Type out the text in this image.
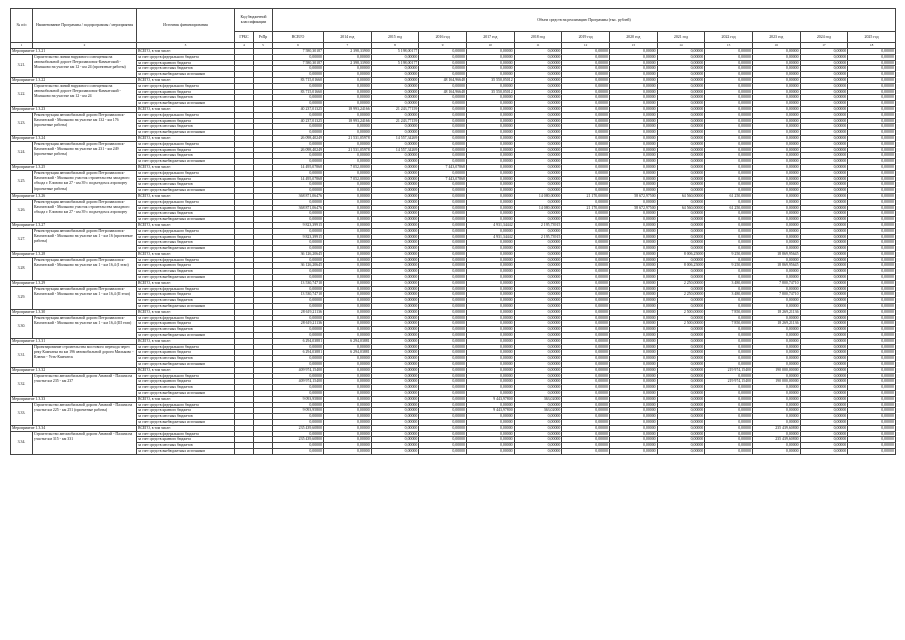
№ п/п	Наименование Программы / подпрограммы / мероприятия	Источник финансирования	Код бюджетной классификации		Объем средств на реализацию Программы (тыс. рублей)												
			ГРБС	РзПр	ВСЕГО	2014 год	2015 год	2016 год	2017 год	2018 год	2019 год	2020 год	2021 год	2022 год	2023 год	2024 год	2025 год
1	2	3	4	5	6	7	8	9	10	11	12	13	14	15	16	17	18
Мероприятие 1.3.21		ВСЕГО, в том числе:			7 580,30187	2 398,33900	5 198,00177	0,00000	0,00000	0,00000	0,00000	0,00000	0,00000	0,00000	0,00000	0,00000	0,00000
3.21.	Строительство линии наружного освещения на автомобильной дороге Петропавловск-Камчатский - Мильково на участке км 12 - км 24 (проектные работы)	за счет средств федерального бюджета			0,00000	0,00000	0,00000	0,00000	0,00000	0,00000	0,00000	0,00000	0,00000	0,00000	0,00000	0,00000	0,00000
		за счет средств краевого бюджета			7 580,30187	2 398,33900	5 198,00177	0,00000	0,00000	0,00000	0,00000	0,00000	0,00000	0,00000	0,00000	0,00000	0,00000
		за счет средств местных бюджетов			0,00000	0,00000	0,00000	0,00000	0,00000	0,00000	0,00000	0,00000	0,00000	0,00000	0,00000	0,00000	0,00000
		за счет средств внебюджетных источников			0,00000	0,00000	0,00000	0,00000	0,00000	0,00000	0,00000	0,00000	0,00000	0,00000	0,00000	0,00000	0,00000
Мероприятие 1.3.22		ВСЕГО, в том числе:			83 715,01660	0,00000	0,00000	48 164,96648	35 550,05012	0,00000	0,00000	0,00000	0,00000	0,00000	0,00000	0,00000	0,00000
3.22.	Строительство линий наружного освещения на автомобильной дороге Петропавловск-Камчатский - Мильково на участке км 12 - км 24	за счет средств федерального бюджета			0,00000	0,00000	0,00000	0,00000	0,00000	0,00000	0,00000	0,00000	0,00000	0,00000	0,00000	0,00000	0,00000
		за счет средств краевого бюджета			83 715,01660	0,00000	0,00000	48 164,96648	35 550,05012	0,00000	0,00000	0,00000	0,00000	0,00000	0,00000	0,00000	0,00000
		за счет средств местных бюджетов			0,00000	0,00000	0,00000	0,00000	0,00000	0,00000	0,00000	0,00000	0,00000	0,00000	0,00000	0,00000	0,00000
		за счет средств внебюджетных источников			0,00000	0,00000	0,00000	0,00000	0,00000	0,00000	0,00000	0,00000	0,00000	0,00000	0,00000	0,00000	0,00000
Мероприятие 1.3.23		ВСЕГО, в том числе:			40 237,01325	18 993,24166	21 243,77159	0,00000	0,00000	0,00000	0,00000	0,00000	0,00000	0,00000	0,00000	0,00000	0,00000
3.23.	Реконструкция автомобильной дороги Петропавловск-Камчатский - Мильково на участке км 132 - км 176 (проектные работы)	за счет средств федерального бюджета			0,00000	0,00000	0,00000	0,00000	0,00000	0,00000	0,00000	0,00000	0,00000	0,00000	0,00000	0,00000	0,00000
		за счет средств краевого бюджета			40 237,01325	18 993,24166	21 243,77159	0,00000	0,00000	0,00000	0,00000	0,00000	0,00000	0,00000	0,00000	0,00000	0,00000
		за счет средств местных бюджетов			0,00000	0,00000	0,00000	0,00000	0,00000	0,00000	0,00000	0,00000	0,00000	0,00000	0,00000	0,00000	0,00000
		за счет средств внебюджетных источников			0,00000	0,00000	0,00000	0,00000	0,00000	0,00000	0,00000	0,00000	0,00000	0,00000	0,00000	0,00000	0,00000
Мероприятие 1.3.24		ВСЕГО, в том числе:			26 098,40249	21 531,05978	14 557,34269	0,00000	0,00000	0,00000	0,00000	0,00000	0,00000	0,00000	0,00000	0,00000	0,00000
3.24.	Реконструкция автомобильной дороги Петропавловск-Камчатский - Мильково на участке км 231 - км 249 (проектные работы)	за счет средств федерального бюджета			0,00000	0,00000	0,00000	0,00000	0,00000	0,00000	0,00000	0,00000	0,00000	0,00000	0,00000	0,00000	0,00000
		за счет средств краевого бюджета			26 098,40249	21 531,05978	14 557,34269	0,00000	0,00000	0,00000	0,00000	0,00000	0,00000	0,00000	0,00000	0,00000	0,00000
		за счет средств местных бюджетов			0,00000	0,00000	0,00000	0,00000	0,00000	0,00000	0,00000	0,00000	0,00000	0,00000	0,00000	0,00000	0,00000
		за счет средств внебюджетных источников			0,00000	0,00000	0,00000	0,00000	0,00000	0,00000	0,00000	0,00000	0,00000	0,00000	0,00000	0,00000	0,00000
Мероприятие 1.3.25		ВСЕГО, в том числе:			14 495,07868	7 052,00000	0,00000	7 443,07868	0,00000	0,00000	0,00000	0,00000	0,00000	0,00000	0,00000	0,00000	0,00000
3.25.	Реконструкция автомобильной дороги Петропавловск-Камчатский - Мильково участок строительства западного обхода г. Елизово км 27 - км 39 с подъездом к аэропорту (проектные работы)	за счет средств федерального бюджета			0,00000	0,00000	0,00000	0,00000	0,00000	0,00000	0,00000	0,00000	0,00000	0,00000	0,00000	0,00000	0,00000
		за счет средств краевого бюджета			14 495,07868	7 052,00000	0,00000	7 443,07868	0,00000	0,00000	0,00000	0,00000	0,00000	0,00000	0,00000	0,00000	0,00000
		за счет средств местных бюджетов			0,00000	0,00000	0,00000	0,00000	0,00000	0,00000	0,00000	0,00000	0,00000	0,00000	0,00000	0,00000	0,00000
		за счет средств внебюджетных источников			0,00000	0,00000	0,00000	0,00000	0,00000	0,00000	0,00000	0,00000	0,00000	0,00000	0,00000	0,00000	0,00000
Мероприятие 1.3.26		ВСЕГО, в том числе:			368 871,06476	0,00000	0,00000	0,00000	0,00000	14 080,00000	21 170,00000	58 672,97500	64 560,00000	61 250,00000	0,00000	0,00000	0,00000
3.26.	Реконструкция автомобильной дороги Петропавловск-Камчатский - Мильково участок строительства западного обхода г. Елизово км 27 - км 39 с подъездом к аэропорту	за счет средств федерального бюджета			0,00000	0,00000	0,00000	0,00000	0,00000	0,00000	0,00000	0,00000	0,00000	0,00000	0,00000	0,00000	0,00000
		за счет средств краевого бюджета			368 871,06476	0,00000	0,00000	0,00000	0,00000	14 080,00000	21 170,00000	58 672,97500	64 560,00000	61 250,00000	0,00000	0,00000	0,00000
		за счет средств местных бюджетов			0,00000	0,00000	0,00000	0,00000	0,00000	0,00000	0,00000	0,00000	0,00000	0,00000	0,00000	0,00000	0,00000
		за счет средств внебюджетных источников			0,00000	0,00000	0,00000	0,00000	0,00000	0,00000	0,00000	0,00000	0,00000	0,00000	0,00000	0,00000	0,00000
Мероприятие 1.3.27		ВСЕГО, в том числе:			9 823,39915	0,00000	0,00000	0,00000	4 931,34442	2 195,73915	0,00000	0,00000	0,00000	0,00000	0,00000	0,00000	0,00000
3.27.	Реконструкция автомобильной дороги Петропавловск-Камчатский - Мильково на участке км 1 - км 16 (проектные работы)	за счет средств федерального бюджета			0,00000	0,00000	0,00000	0,00000	0,00000	0,00000	0,00000	0,00000	0,00000	0,00000	0,00000	0,00000	0,00000
		за счет средств краевого бюджета			9 823,39915	0,00000	0,00000	0,00000	4 931,34442	2 195,73915	0,00000	0,00000	0,00000	0,00000	0,00000	0,00000	0,00000
		за счет средств местных бюджетов			0,00000	0,00000	0,00000	0,00000	0,00000	0,00000	0,00000	0,00000	0,00000	0,00000	0,00000	0,00000	0,00000
		за счет средств внебюджетных источников			0,00000	0,00000	0,00000	0,00000	0,00000	0,00000	0,00000	0,00000	0,00000	0,00000	0,00000	0,00000	0,00000
Мероприятие 1.3.28		ВСЕГО, в том числе:			36 126,20645	0,00000	0,00000	0,00000	0,00000	0,00000	0,00000	0,00000	8 006,25000	9 250,00000	18 869,95645	0,00000	0,00000
3.28.	Реконструкция автомобильной дороги Петропавловск-Камчатский - Мильково на участке км 1 - км 16,4 (I этап)	за счет средств федерального бюджета			0,00000	0,00000	0,00000	0,00000	0,00000	0,00000	0,00000	0,00000	0,00000	0,00000	0,00000	0,00000	0,00000
		за счет средств краевого бюджета			36 126,20645	0,00000	0,00000	0,00000	0,00000	0,00000	0,00000	0,00000	8 006,25000	9 250,00000	18 869,95645	0,00000	0,00000
		за счет средств местных бюджетов			0,00000	0,00000	0,00000	0,00000	0,00000	0,00000	0,00000	0,00000	0,00000	0,00000	0,00000	0,00000	0,00000
		за счет средств внебюджетных источников			0,00000	0,00000	0,00000	0,00000	0,00000	0,00000	0,00000	0,00000	0,00000	0,00000	0,00000	0,00000	0,00000
Мероприятие 1.3.29		ВСЕГО, в том числе:			13 530,74710	0,00000	0,00000	0,00000	0,00000	0,00000	0,00000	0,00000	2 250,00000	3 480,00000	7 800,74710	0,00000	0,00000
3.29.	Реконструкция автомобильной дороги Петропавловск-Камчатский - Мильково на участке км 1 - км 16,4 (II этап)	за счет средств федерального бюджета			0,00000	0,00000	0,00000	0,00000	0,00000	0,00000	0,00000	0,00000	0,00000	0,00000	0,00000	0,00000	0,00000
		за счет средств краевого бюджета			13 530,74710	0,00000	0,00000	0,00000	0,00000	0,00000	0,00000	0,00000	2 250,00000	3 480,00000	7 800,74710	0,00000	0,00000
		за счет средств местных бюджетов			0,00000	0,00000	0,00000	0,00000	0,00000	0,00000	0,00000	0,00000	0,00000	0,00000	0,00000	0,00000	0,00000
		за счет средств внебюджетных источников			0,00000	0,00000	0,00000	0,00000	0,00000	0,00000	0,00000	0,00000	0,00000	0,00000	0,00000	0,00000	0,00000
Мероприятие 1.3.30		ВСЕГО, в том числе:			28 619,21136	0,00000	0,00000	0,00000	0,00000	0,00000	0,00000	0,00000	2 500,00000	7 850,00000	18 269,21136	0,00000	0,00000
3.30.	Реконструкция автомобильной дороги Петропавловск-Камчатский - Мильково на участке км 1 - км 16,4 (III этап)	за счет средств федерального бюджета			0,00000	0,00000	0,00000	0,00000	0,00000	0,00000	0,00000	0,00000	0,00000	0,00000	0,00000	0,00000	0,00000
		за счет средств краевого бюджета			28 619,21136	0,00000	0,00000	0,00000	0,00000	0,00000	0,00000	0,00000	2 500,00000	7 850,00000	18 269,21136	0,00000	0,00000
		за счет средств местных бюджетов			0,00000	0,00000	0,00000	0,00000	0,00000	0,00000	0,00000	0,00000	0,00000	0,00000	0,00000	0,00000	0,00000
		за счет средств внебюджетных источников			0,00000	0,00000	0,00000	0,00000	0,00000	0,00000	0,00000	0,00000	0,00000	0,00000	0,00000	0,00000	0,00000
Мероприятие 1.3.31		ВСЕГО, в том числе:			6 294,03881	6 294,03881	0,00000	0,00000	0,00000	0,00000	0,00000	0,00000	0,00000	0,00000	0,00000	0,00000	0,00000
3.31.	Проектирование строительства мостового перехода через реку Камчатка на км 196 автомобильной дороги Мильково - Ключи - Усть-Камчатск	за счет средств федерального бюджета			0,00000	0,00000	0,00000	0,00000	0,00000	0,00000	0,00000	0,00000	0,00000	0,00000	0,00000	0,00000	0,00000
		за счет средств краевого бюджета			6 294,03881	6 294,03881	0,00000	0,00000	0,00000	0,00000	0,00000	0,00000	0,00000	0,00000	0,00000	0,00000	0,00000
		за счет средств местных бюджетов			0,00000	0,00000	0,00000	0,00000	0,00000	0,00000	0,00000	0,00000	0,00000	0,00000	0,00000	0,00000	0,00000
		за счет средств внебюджетных источников			0,00000	0,00000	0,00000	0,00000	0,00000	0,00000	0,00000	0,00000	0,00000	0,00000	0,00000	0,00000	0,00000
Мероприятие 1.3.32		ВСЕГО, в том числе:			409 974,15400	0,00000	0,00000	0,00000	0,00000	0,00000	0,00000	0,00000	0,00000	219 974,15400	190 000,00000	0,00000	0,00000
3.32.	Строительство автомобильной дороги Анавгай - Палана на участке км 235 - км 237	за счет средств федерального бюджета			0,00000	0,00000	0,00000	0,00000	0,00000	0,00000	0,00000	0,00000	0,00000	0,00000	0,00000	0,00000	0,00000
		за счет средств краевого бюджета			409 974,15400	0,00000	0,00000	0,00000	0,00000	0,00000	0,00000	0,00000	0,00000	219 974,15400	190 000,00000	0,00000	0,00000
		за счет средств местных бюджетов			0,00000	0,00000	0,00000	0,00000	0,00000	0,00000	0,00000	0,00000	0,00000	0,00000	0,00000	0,00000	0,00000
		за счет средств внебюджетных источников			0,00000	0,00000	0,00000	0,00000	0,00000	0,00000	0,00000	0,00000	0,00000	0,00000	0,00000	0,00000	0,00000
Мероприятие 1.3.33		ВСЕГО, в том числе:			9 093,95800	0,00000	0,00000	0,00000	9 443,97800	363,02000	0,00000	0,00000	0,00000	0,00000	0,00000	0,00000	0,00000
3.33.	Строительство автомобильной дороги Анавгай - Палана на участке км 225 - км 251 (проектные работы)	за счет средств федерального бюджета			0,00000	0,00000	0,00000	0,00000	0,00000	0,00000	0,00000	0,00000	0,00000	0,00000	0,00000	0,00000	0,00000
		за счет средств краевого бюджета			9 093,95800	0,00000	0,00000	0,00000	9 443,97800	363,02000	0,00000	0,00000	0,00000	0,00000	0,00000	0,00000	0,00000
		за счет средств местных бюджетов			0,00000	0,00000	0,00000	0,00000	0,00000	0,00000	0,00000	0,00000	0,00000	0,00000	0,00000	0,00000	0,00000
		за счет средств внебюджетных источников			0,00000	0,00000	0,00000	0,00000	0,00000	0,00000	0,00000	0,00000	0,00000	0,00000	0,00000	0,00000	0,00000
Мероприятие 1.3.34		ВСЕГО, в том числе:			235 439,60800	0,00000	0,00000	0,00000	0,00000	0,00000	0,00000	0,00000	0,00000	0,00000	235 439,60800	0,00000	0,00000
3.34.	Строительство автомобильной дороги Анавгай - Палана на участке км 315 - км 331	за счет средств федерального бюджета			0,00000	0,00000	0,00000	0,00000	0,00000	0,00000	0,00000	0,00000	0,00000	0,00000	0,00000	0,00000	0,00000
		за счет средств краевого бюджета			235 439,60800	0,00000	0,00000	0,00000	0,00000	0,00000	0,00000	0,00000	0,00000	0,00000	235 439,60800	0,00000	0,00000
		за счет средств местных бюджетов			0,00000	0,00000	0,00000	0,00000	0,00000	0,00000	0,00000	0,00000	0,00000	0,00000	0,00000	0,00000	0,00000
		за счет средств внебюджетных источников			0,00000	0,00000	0,00000	0,00000	0,00000	0,00000	0,00000	0,00000	0,00000	0,00000	0,00000	0,00000	0,00000
